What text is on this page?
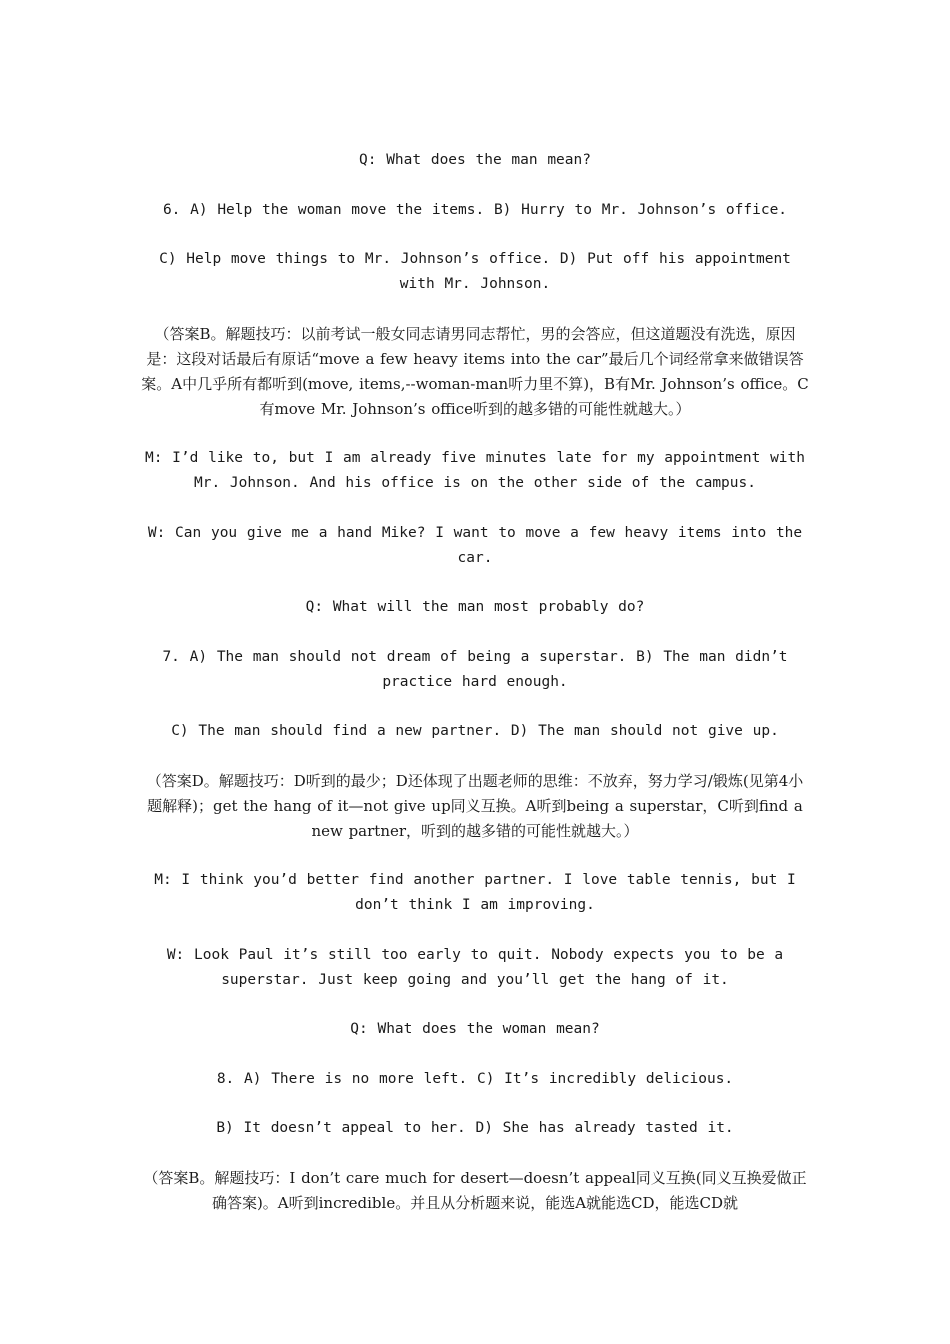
Q: What does the man mean?

6. A) Help the woman move the items. B) Hurry to Mr. Johnson’s office.

C) Help move things to Mr. Johnson’s office. D) Put off his appointment with Mr. Johnson.

（答案B。解题技巧：以前考试一般女同志请男同志帮忙，男的会答应，但这道题没有洗选，原因是：这段对话最后有原话“move a few heavy items into the car”最后几个词经常拿来做错误答案。A中几乎所有都听到(move, items,--woman-man听力里不算)，B有Mr. Johnson’s office。C有move Mr. Johnson’s office听到的越多错的可能性就越大。）

M: I’d like to, but I am already five minutes late for my appointment with Mr. Johnson. And his office is on the other side of the campus.

W: Can you give me a hand Mike? I want to move a few heavy items into the car.

Q: What will the man most probably do?

7. A) The man should not dream of being a superstar. B) The man didn’t practice hard enough.

C) The man should find a new partner. D) The man should not give up.

（答案D。解题技巧：D听到的最少；D还体现了出题老师的思维：不放弃，努力学习/锻炼(见第4小题解释)；get the hang of it—not give up同义互换。A听到being a superstar，C听到find a new partner，听到的越多错的可能性就越大。）

M: I think you’d better find another partner. I love table tennis, but I don’t think I am improving.

W: Look Paul it’s still too early to quit. Nobody expects you to be a superstar. Just keep going and you’ll get the hang of it.

Q: What does the woman mean?

8. A) There is no more left. C) It’s incredibly delicious.

B) It doesn’t appeal to her. D) She has already tasted it.

（答案B。解题技巧：I don’t care much for desert—doesn’t appeal同义互换(同义互换爱做正确答案)。A听到incredible。并且从分析题来说，能选A就能选CD，能选CD就
